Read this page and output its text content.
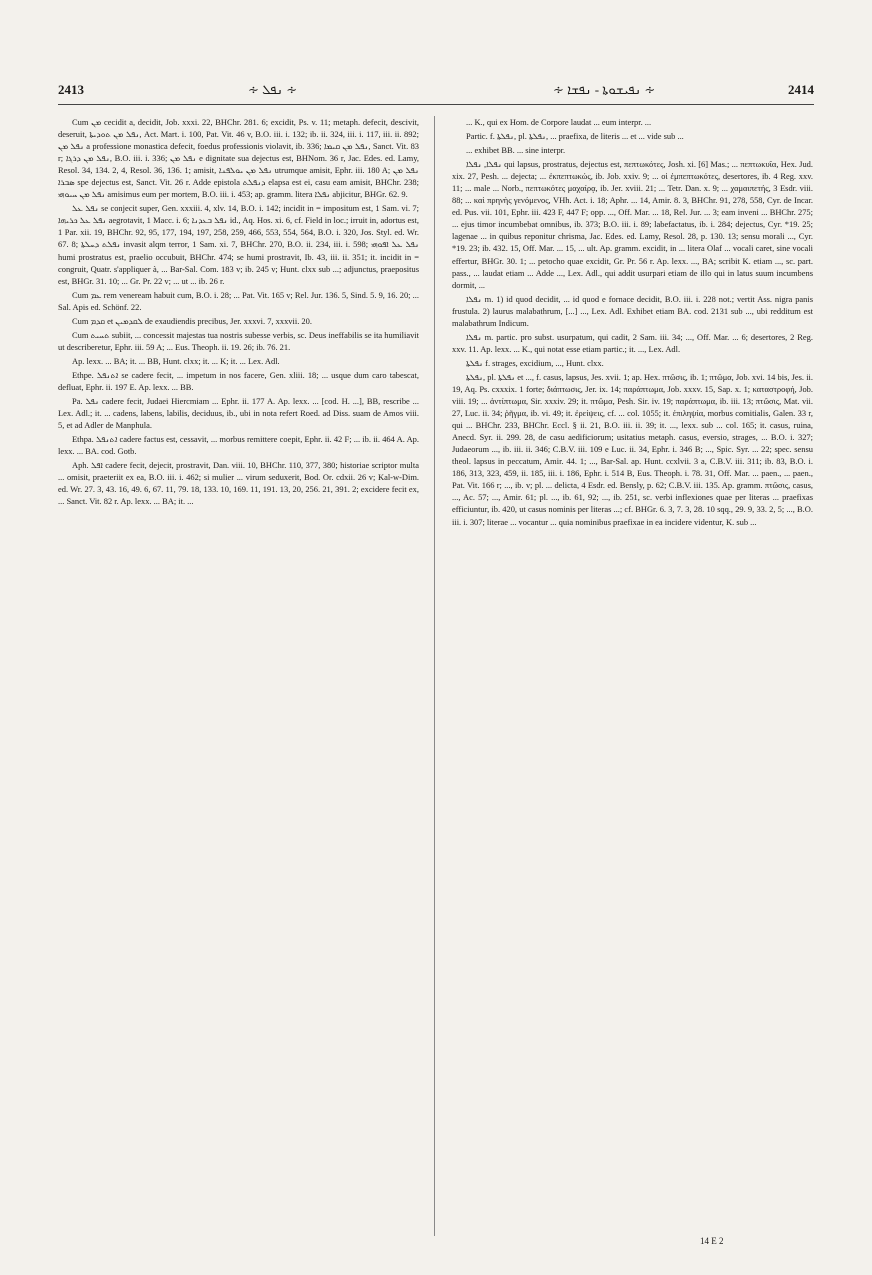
2413	∻ ܢܦܠ ∻	∻ ܢܦܝܫܘܬܐ - ܢܦܫܐ ∻	2414

Cum ܡܢ cecidit a, decidit, Job. xxxi. 22, BHChr. 281. 6; excidit, Ps. v. 11; metaph. defecit, descivit, deseruit, ܢܦܠ ܡܢ ܬܘܕܝܬܐ, Act. Mart. i. 100, Pat. Vit. 46 v, B.O. iii. i. 132; ib. ii. 324, iii. i. 117, iii. ii. 892; ܢܦܠ ܡܢ a professione monastica defecit, foedus professionis violavit, ib. 336; ܢܦܠ ܡܢ ܩܝܡܐ, Sanct. Vit. 83 r; ܢܦܠ ܡܢ ܕܪܓܐ, B.O. iii. i. 336; ܢܦܠ ܡܢ e dignitate sua dejectus est, BHNom. 36 r, Jac. Edes. ed. Lamy, Resol. 34, 134. 2, 4, Resol. 36, 136. 1; amisit, ܢܦܠ ܡܢ ܝܘܠܦܢܐ utrumque amisit, Ephr. iii. 180 A; ܢܦܠ ܡܢ ܣܒܪܐ spe dejectus est, Sanct. Vit. 26 r. Adde epistola ܕܢܦܠܬ elapsa est ei, casu eam amisit, BHChr. 238; ܢܦܠ ܡܢ ܚܝܘܗܝ amisimus eum per mortem, B.O. iii. i. 453; ap. gramm. litera ܢܦܠܐ abjicitur, BHGr. 62. 9.

ܢܦܠ ܥܠ se conjecit super, Gen. xxxiii. 4, xlv. 14, B.O. i. 142; incidit in = impositum est, 1 Sam. vi. 7; ܢܦܠ ܥܠ ܟܪܝܗܐ aegrotavit, 1 Macc. i. 6; ܢܦܠ ܒܥܕܢܐ id., Aq. Hos. xi. 6, cf. Field in loc.; irruit in, adortus est, 1 Par. xii. 19, BHChr. 92, 95, 177, 194, 197, 258, 259, 466, 553, 554, 564, B.O. i. 320, Jos. Styl. ed. Wr. 67. 8; ܢܦܠܬ ܕܚܠܬܐ invasit alqm terror, 1 Sam. xi. 7, BHChr. 270, B.O. ii. 234, iii. i. 598; ܢܦܠ ܥܠ ܐܦܘܗܝ humi prostratus est, praelio occubuit, BHChr. 474; se humi prostravit, Ib. 43, iii. ii. 351; it. incidit in = congruit, Quatr. s'appliquer à, ... Bar-Sal. Com. 183 v; ib. 245 v; Hunt. clxx sub ...; adjunctus, praepositus est, BHGr. 31. 10; ... Gr. Pr. 22 v; ... ut ... ib. 26 r.

Cum ܥܡ rem veneream habuit cum, B.O. i. 28; ... Pat. Vit. 165 v; Rel. Jur. 136. 5, Sind. 5. 9, 16. 20; ... Sal. Apis ed. Schönf. 22.

Cum ܩܕܡ et ܠܩܕܡܝܢ de exaudiendis precibus, Jer. xxxvi. 7, xxxvii. 20.

Cum ܬܚܝܬ subiit, ... concessit majestas tua nostris subesse verbis, sc. Deus ineffabilis se ita humiliavit ut describeretur, Ephr. iii. 59 A; ... Eus. Theoph. ii. 19. 26; ib. 76. 21.

Ap. lexx. ... BA; it. ... BB, Hunt. clxx; it. ... K; it. ... Lex. Adl.

Ethpe. ܐܬܢܦܠ se cadere fecit, ... impetum in nos facere, Gen. xliii. 18; ... usque dum caro tabescat, defluat, Ephr. ii. 197 E. Ap. lexx. ... BB.

Pa. ܢܦܠ cadere fecit, Judaei Hiercmiam ... Ephr. ii. 177 A. Ap. lexx. ... [cod. H. ...], BB, rescribe ... Lex. Adl.; it. ... cadens, labens, labilis, deciduus, ib., ubi in nota refert Roed. ad Diss. suam de Amos viii. 5, et ad Adler de Manphula.

Ethpa. ܐܬܢܦܠ cadere factus est, cessavit, ... morbus remittere coepit, Ephr. ii. 42 F; ... ib. ii. 464 A. Ap. lexx. ... BA. cod. Gotb.

Aph. ܐܦܠ cadere fecit, dejecit, prostravit, Dan. viii. 10, BHChr. 110, 377, 380; historiae scriptor multa ... omisit, praeteriit ex ea, B.O. iii. i. 462; si mulier ... virum seduxerit, Bod. Or. cdxii. 26 v; Kal-w-Dim. ed. Wr. 27. 3, 43. 16, 49. 6, 67. 11, 79. 18, 133. 10, 169. 11, 191. 13, 20, 256. 21, 391. 2; excidere fecit ex, ... Sanct. Vit. 82 r. Ap. lexx. ... BA; it. ...

... K., qui ex Hom. de Corpore laudat ... eum interpr. ...

Partic. f. ܢܦܠܬܐ, pl. ܢܦܠܬܐ, ... praefixa, de literis ... et ... vide sub ...

... exhibet BB. ... sine interpr.

ܢܦܠܐ, ܢܦܠܐ qui lapsus, prostratus, dejectus est, πεπτωκότες, Josh. xi. [6] Mas.; ... πεπτωκυῖα, Hex. Jud. xix. 27, Pesh. ... dejecta; ... ἐκπεπτωκώς, ib. Job. xxiv. 9; ... οἱ ἐμπεπτωκότες, desertores, ib. 4 Reg. xxv. 11; ... male ... Norb., πεπτωκότες μαχαίρᾳ, ib. Jer. xviii. 21; ... Tetr. Dan. x. 9; ... χαμαιπετής, 3 Esdr. viii. 88; ... καὶ πρηνὴς γενόμενος, VHh. Act. i. 18; Aphr. ... 14, Amir. 8. 3, BHChr. 91, 278, 558, Cyr. de Incar. ed. Pus. vii. 101, Ephr. iii. 423 F, 447 F; opp. ..., Off. Mar. ... 18, Rel. Jur. ... 3; eam inveni ... BHChr. 275; ... ejus timor incumbebat omnibus, ib. 373; B.O. iii. i. 89; labefactatus, ib. i. 284; dejectus, Cyr. *19. 25; lagenae ... in quibus reponitur chrisma, Jac. Edes. ed. Lamy, Resol. 28, p. 130. 13; sensu morali ..., Cyr. *19. 23; ib. 432. 15, Off. Mar. ... 15, ... ult. Ap. gramm. excidit, in ... litera Olaf ... vocali caret, sine vocali effertur, BHGr. 30. 1; ... petocho quae excidit, Gr. Pr. 56 r. Ap. lexx. ..., BA; scribit K. etiam ..., sc. part. pass., ... laudat etiam ... Adde ..., Lex. Adl., qui addit usurpari etiam de illo qui in latus suum incumbens dormit, ...

ܢܦܠܐ m. 1) id quod decidit, ... id quod e fornace decidit, B.O. iii. i. 228 not.; vertit Ass. nigra panis frustula. 2) laurus malabathrum, [...] ..., Lex. Adl. Exhibet etiam BA. cod. 2131 sub ..., ubi redditum est malabathrum Indicum.

ܢܦܠܐ m. partic. pro subst. usurpatum, qui cadit, 2 Sam. iii. 34; ..., Off. Mar. ... 6; desertores, 2 Reg. xxv. 11. Ap. lexx. ... K., qui notat esse etiam partic.; it. ..., Lex. Adl.

ܢܦܠܬܐ f. strages, excidium, ..., Hunt. clxx.

ܢܦܠܬܐ, pl. ܢܦܠܬܐ et ..., f. casus, lapsus, Jes. xvii. 1; ap. Hex. πτῶσις, ib. 1; πτῶμα, Job. xvi. 14 bis, Jes. ii. 19, Aq. Ps. cxxxix. 1 forte; διάπτωσις, Jer. ix. 14; παράπτωμα, Job. xxxv. 15, Sap. x. 1; καταστροφή, Job. viii. 19; ... ἀντίπτωμα, Sir. xxxiv. 29; it. πτῶμα, Pesh. Sir. iv. 19; παράπτωμα, ib. iii. 13; πτῶσις, Mat. vii. 27, Luc. ii. 34; ῥῆγμα, ib. vi. 49; it. ἐρείψεις, cf. ... col. 1055; it. ἐπιληψία, morbus comitialis, Galen. 33 r, qui ... BHChr. 233, BHChr. Eccl. § ii. 21, B.O. iii. ii. 39; it. ..., lexx. sub ... col. 165; it. casus, ruina, Anecd. Syr. ii. 299. 28, de casu aedificiorum; usitatius metaph. casus, eversio, strages, ... B.O. i. 327; Judaeorum ..., ib. iii. ii. 346; C.B.V. iii. 109 e Luc. ii. 34, Ephr. i. 346 B; ..., Spic. Syr. ... 22; spec. sensu theol. lapsus in peccatum, Amir. 44. 1; ..., Bar-Sal. ap. Hunt. ccxlvii. 3 a, C.B.V. iii. 311; ib. 83, B.O. i. 186, 313, 323, 459, ii. 185, iii. i. 186, Ephr. i. 514 B, Eus. Theoph. i. 78. 31, Off. Mar. ... paen., ... paen., Pat. Vit. 166 r; ..., ib. v; pl. ... delicta, 4 Esdr. ed. Bensly, p. 62; C.B.V. iii. 135. Ap. gramm. πτῶσις, casus, ..., Ac. 57; ..., Amir. 61; pl. ..., ib. 61, 92; ..., ib. 251, sc. verbi inflexiones quae per literas ... praefixas efficiuntur, ib. 420, ut casus nominis per literas ...; cf. BHGr. 6. 3, 7. 3, 28. 10 sqq., 29. 9, 33. 2, 5; ..., B.O. iii. i. 307; literae ... vocantur ... quia nominibus praefixae in ea incidere videntur, K. sub ...

14 E 2
